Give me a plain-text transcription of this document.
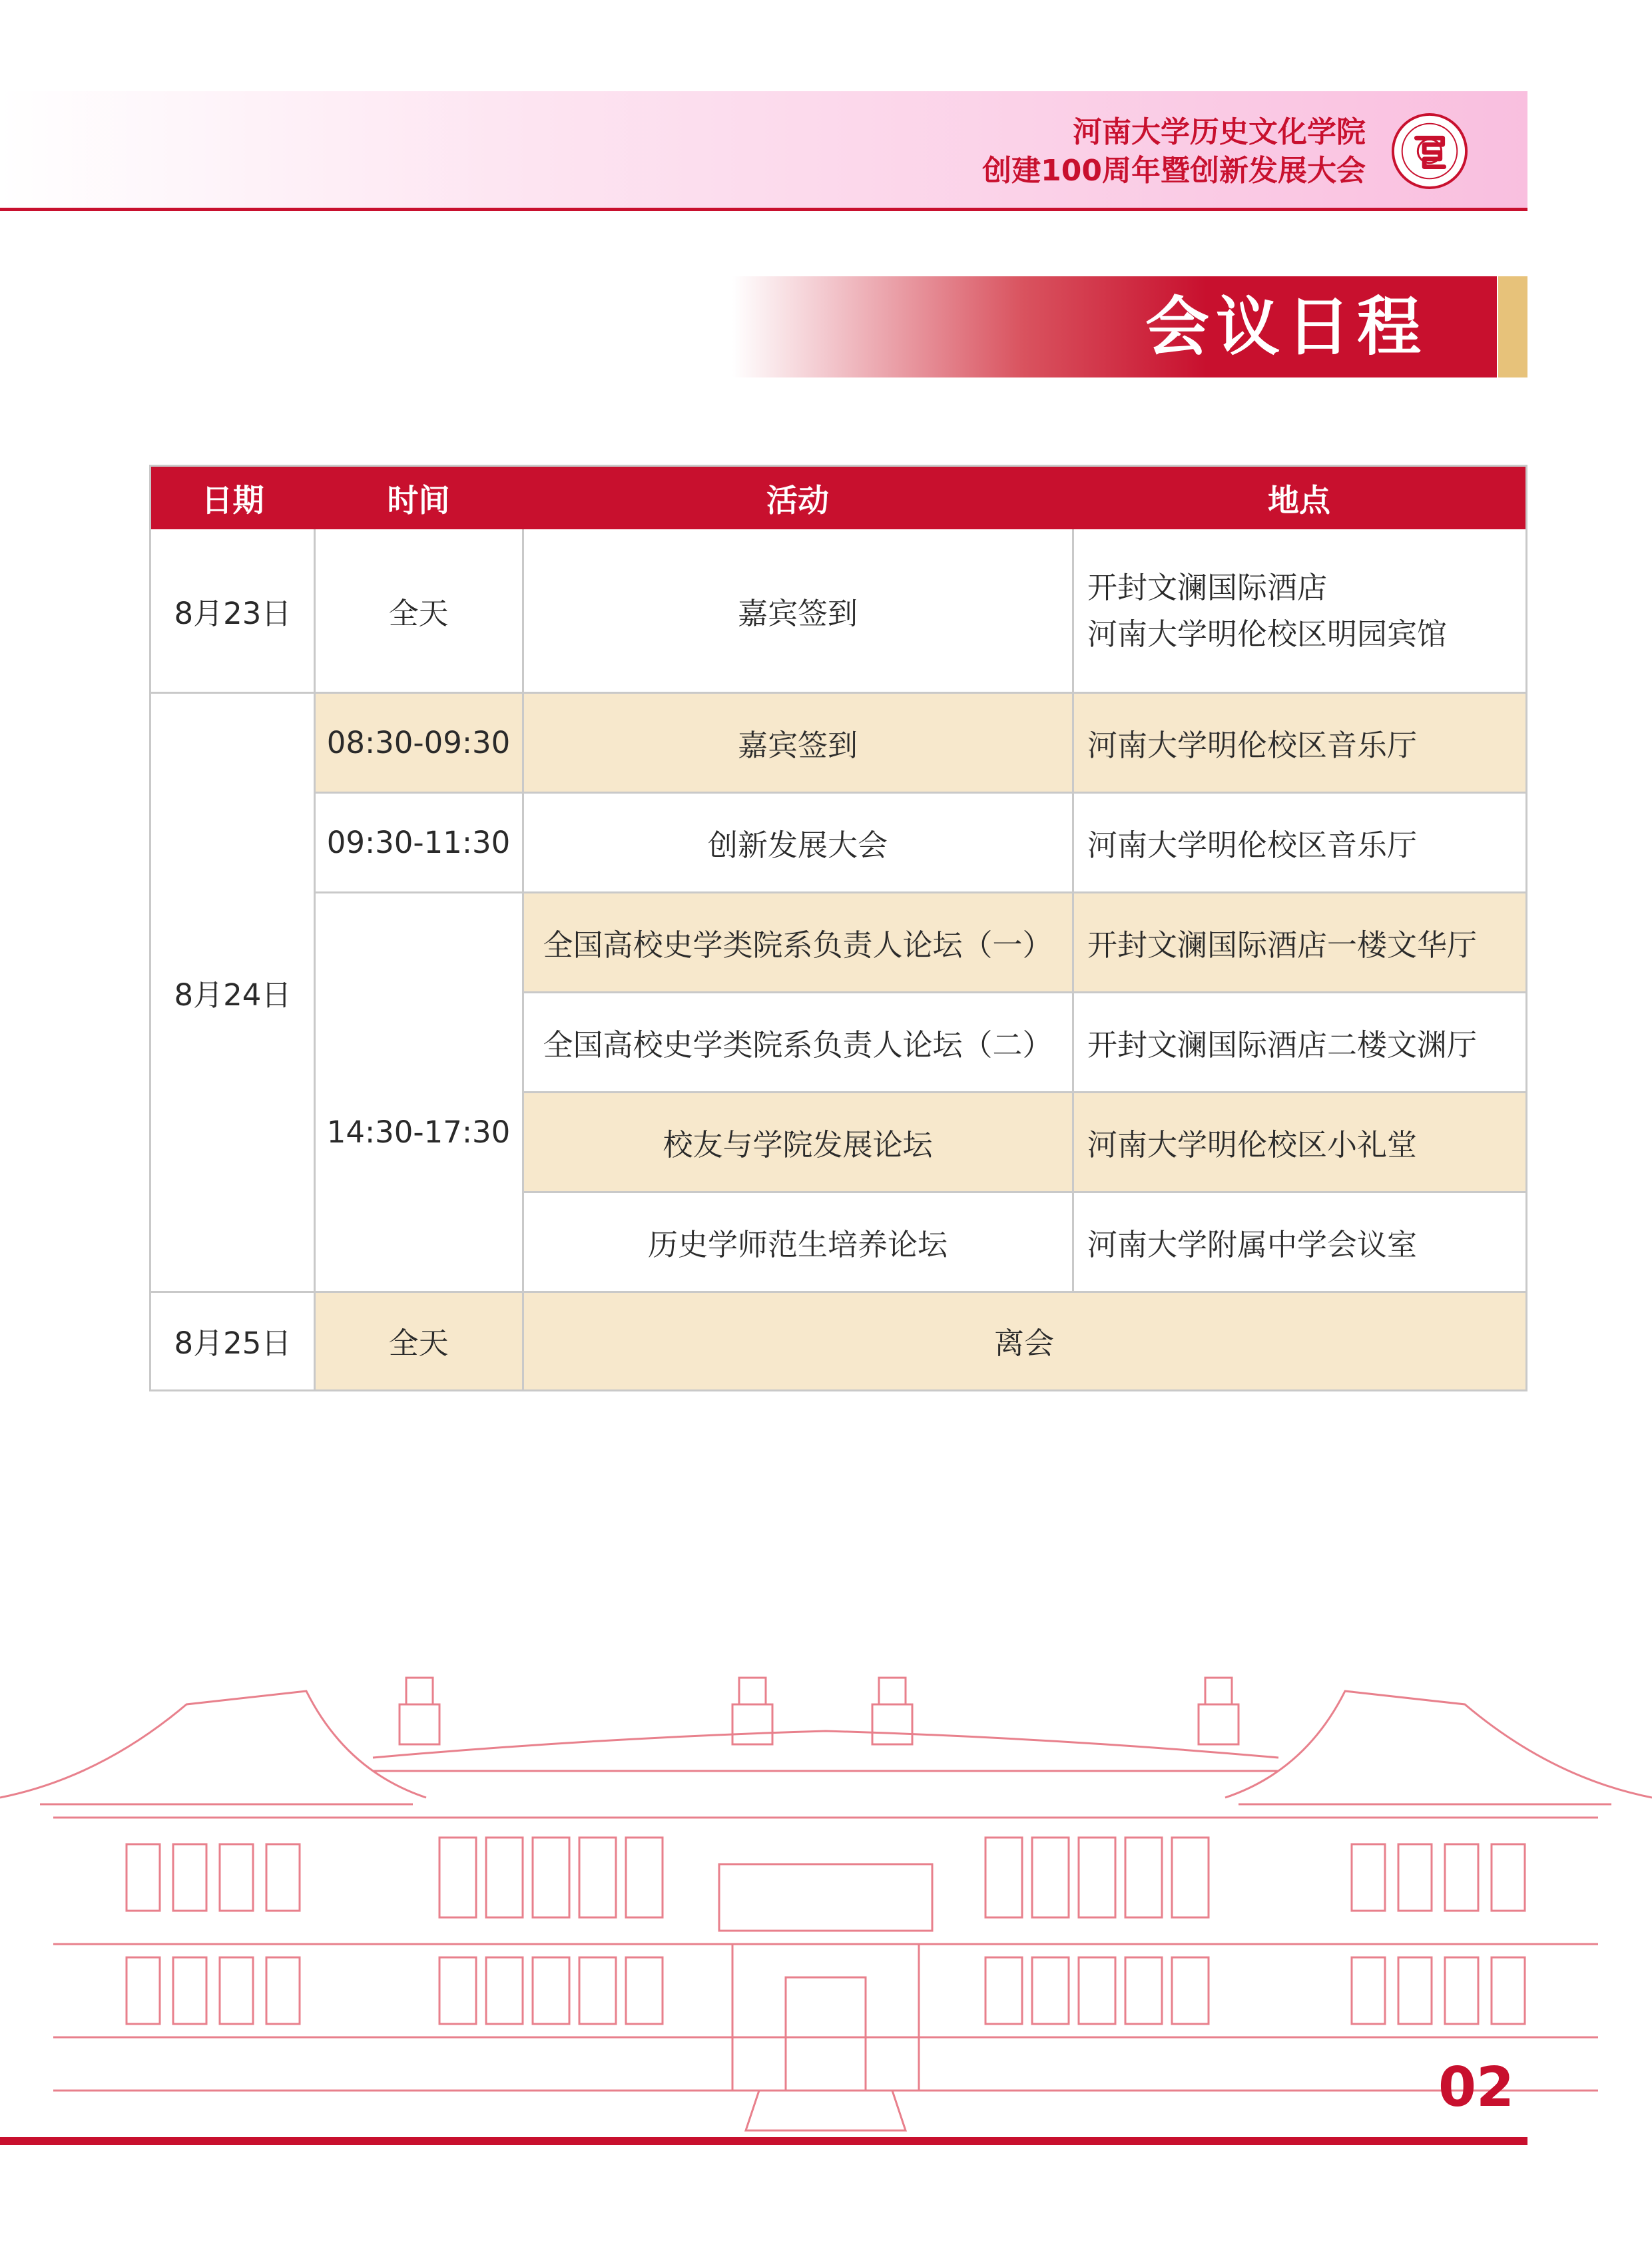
河南大学历史文化学院
创建100周年暨创新发展大会
会议日程
日期	时间	活动	地点
8月23日	全天	嘉宾签到
开封文澜国际酒店
河南大学明伦校区明园宾馆
8月24日
08:30-09:30	嘉宾签到	河南大学明伦校区音乐厅
09:30-11:30	创新发展大会	河南大学明伦校区音乐厅
14:30-17:30
全国高校史学类院系负责人论坛（一）	开封文澜国际酒店一楼文华厅
全国高校史学类院系负责人论坛（二）	开封文澜国际酒店二楼文渊厅
校友与学院发展论坛	河南大学明伦校区小礼堂
历史学师范生培养论坛	河南大学附属中学会议室
8月25日	全天	离会
02
